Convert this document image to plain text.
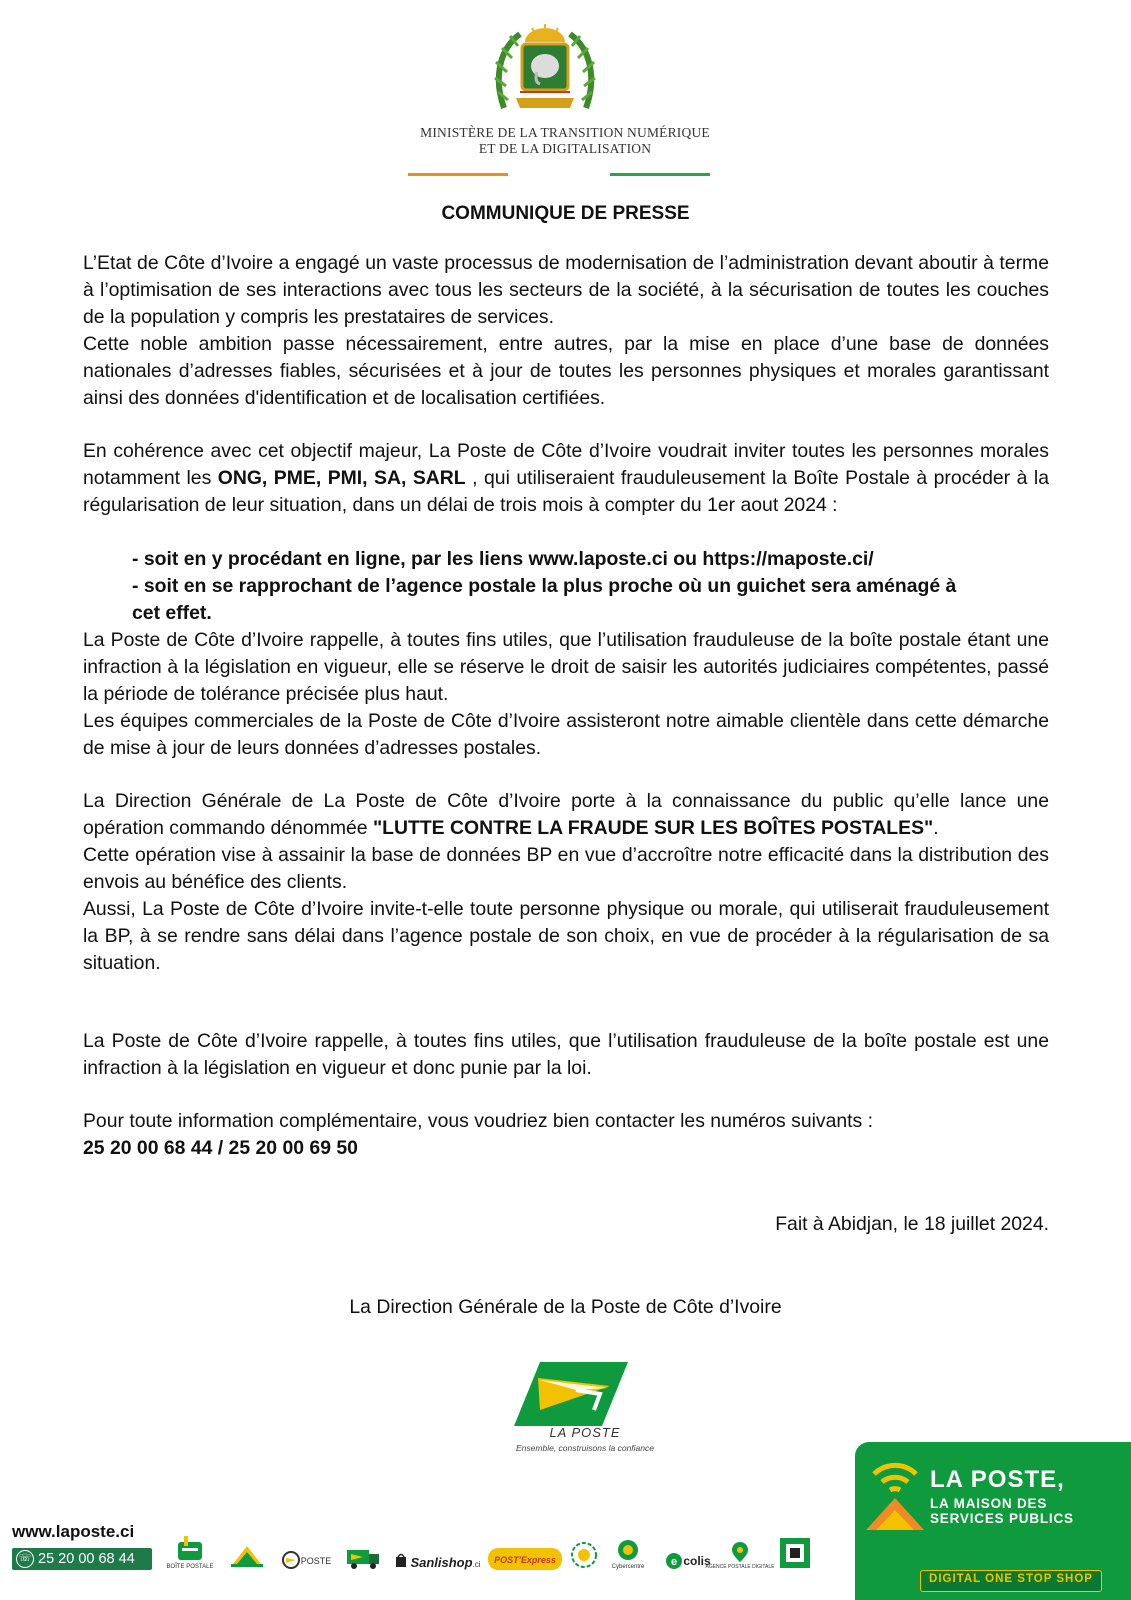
MINISTÈRE DE LA TRANSITION NUMÉRIQUE
ET DE LA DIGITALISATION
COMMUNIQUE DE PRESSE

L’Etat de Côte d’Ivoire a engagé un vaste processus de modernisation de l’administration devant aboutir à terme à l’optimisation de ses interactions avec tous les secteurs de la société, à la sécurisation de toutes les couches de la population y compris les prestataires de services.

Cette noble ambition passe nécessairement, entre autres, par la mise en place d’une base de données nationales d’adresses fiables, sécurisées et à jour de toutes les personnes physiques et morales garantissant ainsi des données d'identification et de localisation certifiées.

En cohérence avec cet objectif majeur, La Poste de Côte d’Ivoire voudrait inviter toutes les personnes morales notamment les ONG, PME, PMI, SA, SARL , qui utiliseraient frauduleusement la Boîte Postale à procéder à la régularisation de leur situation, dans un délai de trois mois à compter du 1er aout 2024 :

- soit en y procédant en ligne, par les liens www.laposte.ci ou https://maposte.ci/
- soit en se rapprochant de l’agence postale la plus proche où un guichet sera aménagé à cet effet.

La Poste de Côte d’Ivoire rappelle, à toutes fins utiles, que l’utilisation frauduleuse de la boîte postale étant une infraction à la législation en vigueur, elle se réserve le droit de saisir les autorités judiciaires compétentes, passé la période de tolérance précisée plus haut.

Les équipes commerciales de la Poste de Côte d’Ivoire assisteront notre aimable clientèle dans cette démarche de mise à jour de leurs données d’adresses postales.

La Direction Générale de La Poste de Côte d’Ivoire porte à la connaissance du public qu’elle lance une opération commando dénommée "LUTTE CONTRE LA FRAUDE SUR LES BOÎTES POSTALES".

Cette opération vise à assainir la base de données BP en vue d’accroître notre efficacité dans la distribution des envois au bénéfice des clients.

Aussi, La Poste de Côte d’Ivoire invite-t-elle toute personne physique ou morale, qui utiliserait frauduleusement la BP, à se rendre sans délai dans l’agence postale de son choix, en vue de procéder à la régularisation de sa situation.

La Poste de Côte d’Ivoire rappelle, à toutes fins utiles, que l’utilisation frauduleuse de la boîte postale est une infraction à la législation en vigueur et donc punie par la loi.

Pour toute information complémentaire, vous voudriez bien contacter les numéros suivants :

25 20 00 68 44 / 25 20 00 69 50

Fait à Abidjan, le 18 juillet 2024.
La Direction Générale de la Poste de Côte d’Ivoire
LA POSTE
Ensemble, construisons la confiance
www.laposte.ci
☏ 25 20 00 68 44	BOÎTE POSTALE
POSTE	Sanlishop .ci	POST'Express
Cybercentre e colis
AGENCE POSTALE DIGITALE
LA POSTE,
LA MAISON DES
SERVICES PUBLICS
DIGITAL ONE STOP SHOP
